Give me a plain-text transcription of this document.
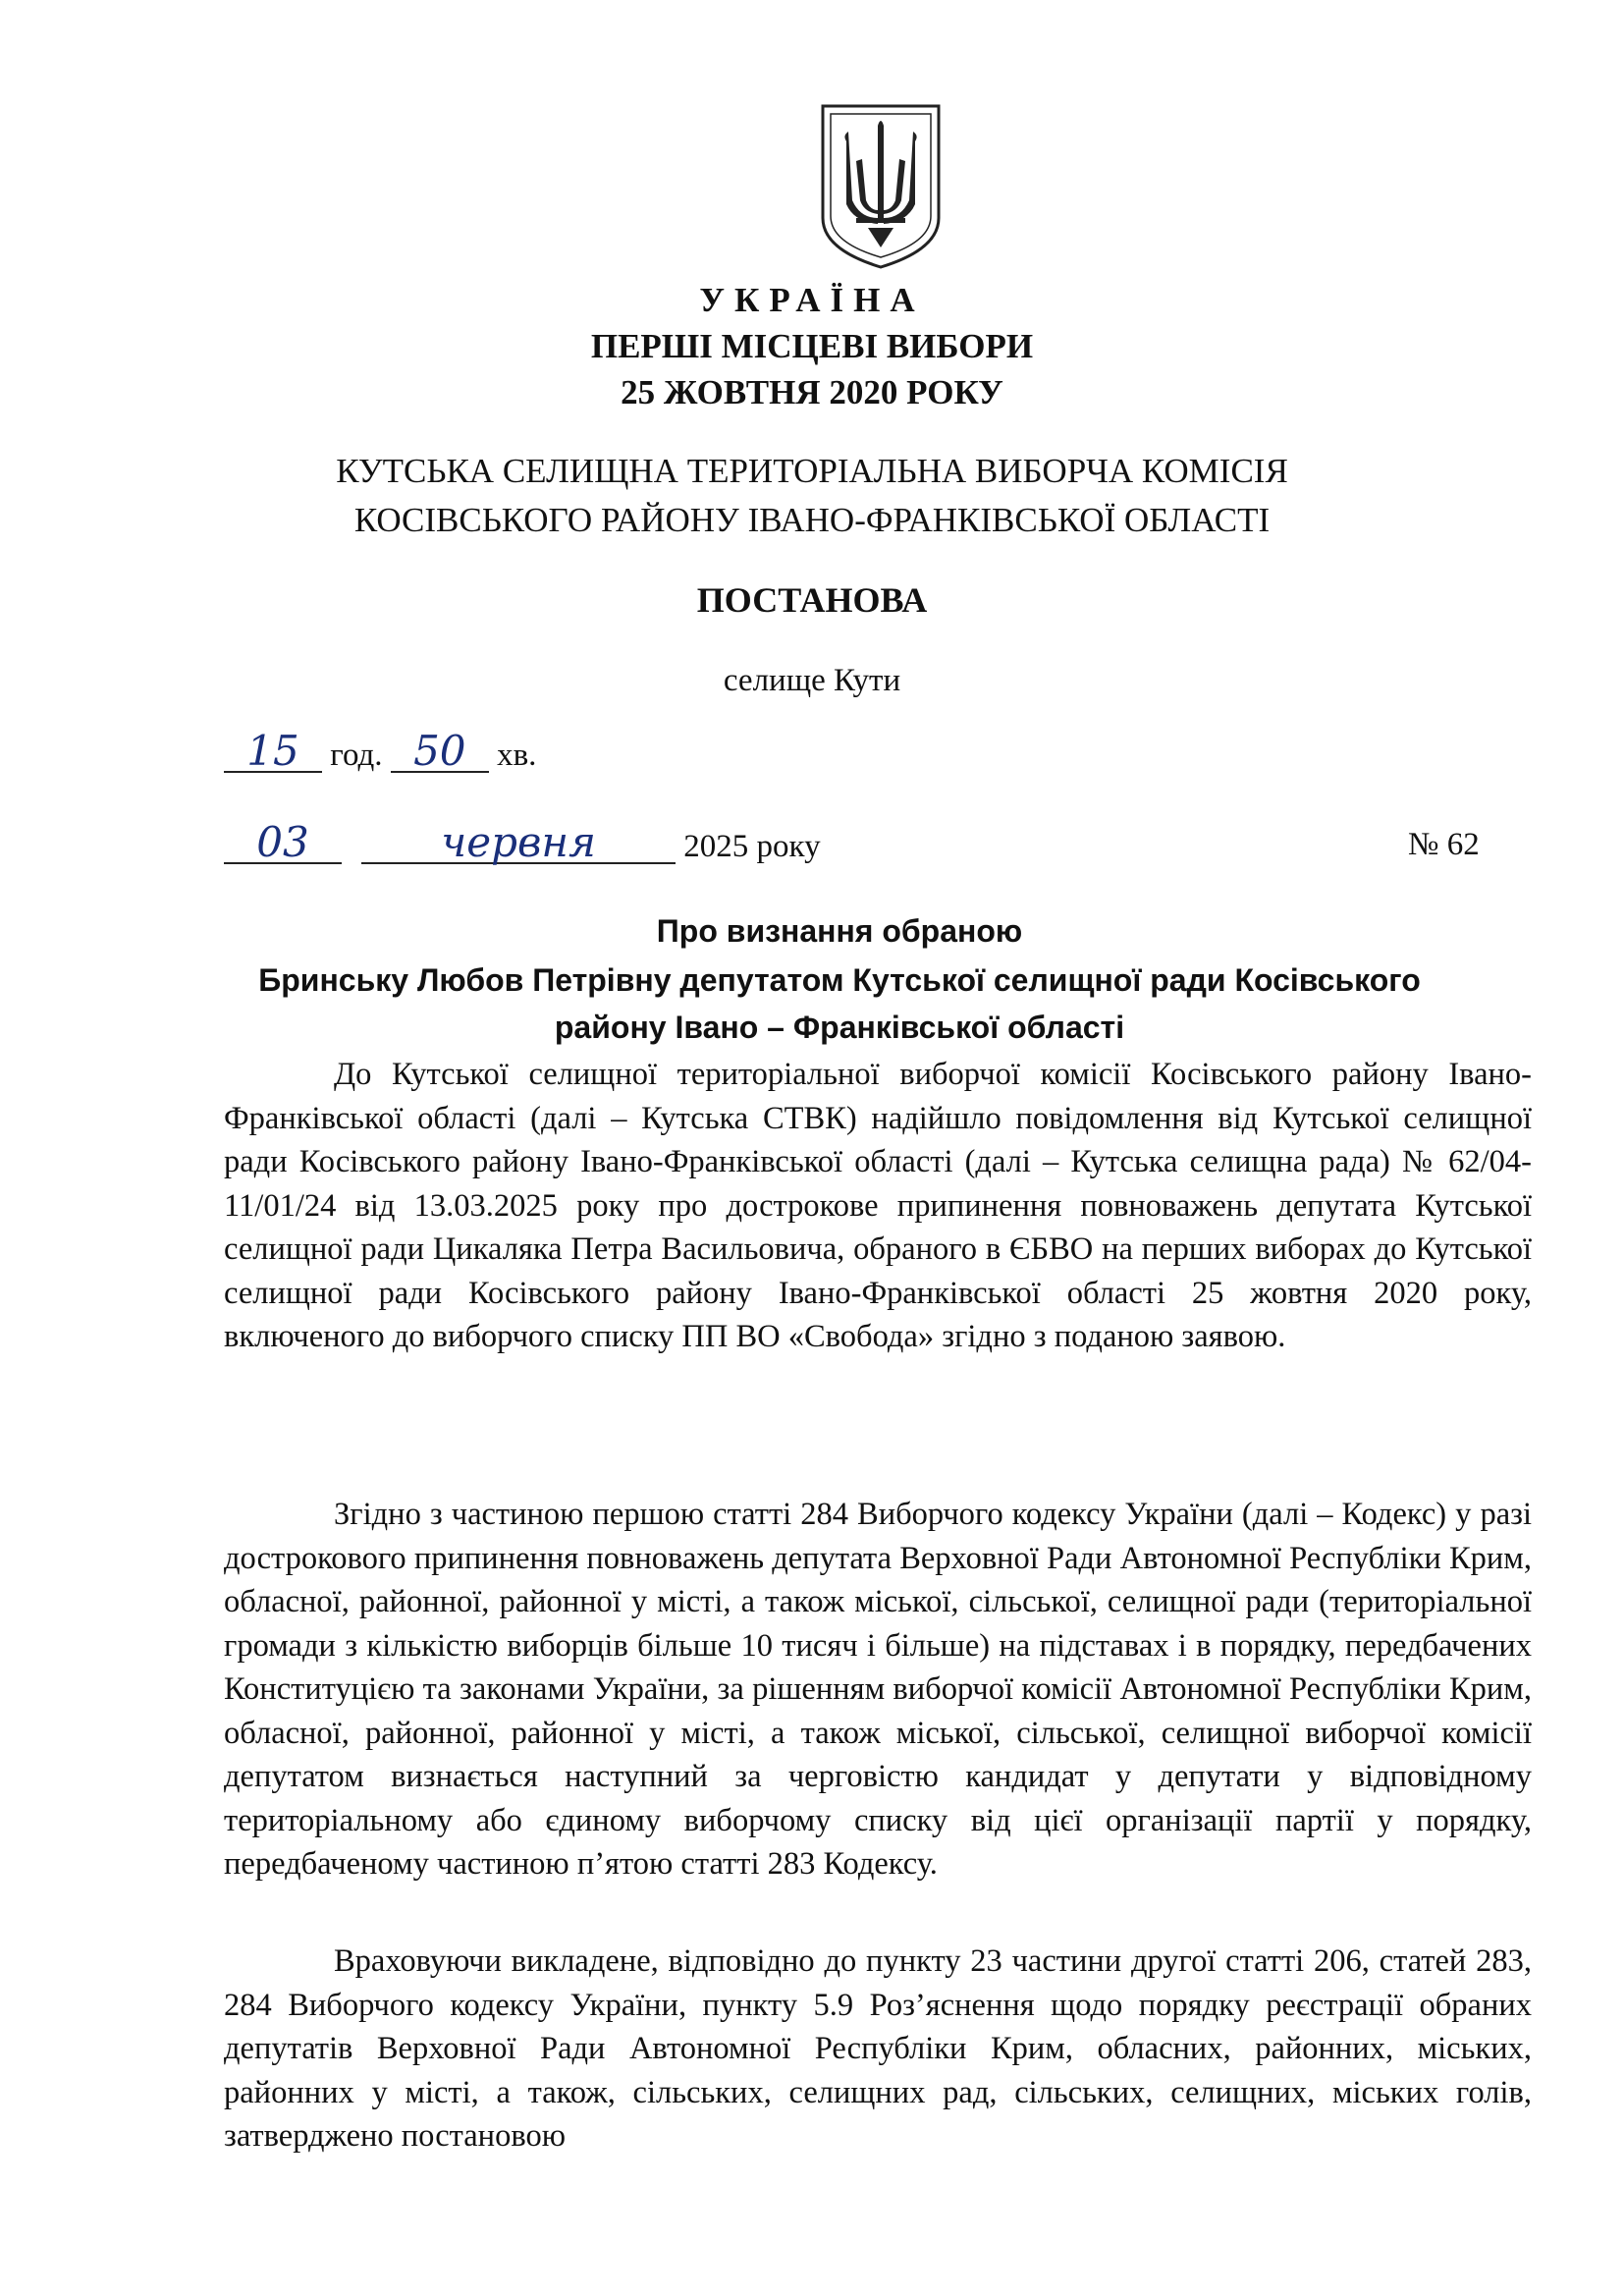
УКРАЇНА
ПЕРШІ МІСЦЕВІ ВИБОРИ
25 ЖОВТНЯ 2020 РОКУ
КУТСЬКА СЕЛИЩНА ТЕРИТОРІАЛЬНА ВИБОРЧА КОМІСІЯ
КОСІВСЬКОГО РАЙОНУ ІВАНО-ФРАНКІВСЬКОЇ ОБЛАСТІ
ПОСТАНОВА
селище Кути
15 год. 50 хв.
03	червня	2025 року	№ 62
Про визнання обраною
Бринську Любов Петрівну депутатом Кутської селищної ради Косівського
району Івано – Франківської області

До Кутської селищної територіальної виборчої комісії Косівського району Івано-Франківської області (далі – Кутська СТВК) надійшло повідомлення від Кутської селищної ради Косівського району Івано-Франківської області (далі – Кутська селищна рада) № 62/04-11/01/24 від 13.03.2025 року про дострокове припинення повноважень депутата Кутської селищної ради Цикаляка Петра Васильовича, обраного в ЄБВО на перших виборах до Кутської селищної ради Косівського району Івано-Франківської області 25 жовтня 2020 року, включеного до виборчого списку ПП ВО «Свобода» згідно з поданою заявою.

Згідно з частиною першою статті 284 Виборчого кодексу України (далі – Кодекс) у разі дострокового припинення повноважень депутата Верховної Ради Автономної Республіки Крим, обласної, районної, районної у місті, а також міської, сільської, селищної ради (територіальної громади з кількістю виборців більше 10 тисяч і більше) на підставах і в порядку, передбачених Конституцією та законами України, за рішенням виборчої комісії Автономної Республіки Крим, обласної, районної, районної у місті, а також міської, сільської, селищної виборчої комісії депутатом визнається наступний за черговістю кандидат у депутати у відповідному територіальному або єдиному виборчому списку від цієї організації партії у порядку, передбаченому частиною п’ятою статті 283 Кодексу.

Враховуючи викладене, відповідно до пункту 23 частини другої статті 206, статей 283, 284 Виборчого кодексу України, пункту 5.9 Роз’яснення щодо порядку реєстрації обраних депутатів Верховної Ради Автономної Республіки Крим, обласних, районних, міських, районних у місті, а також, сільських, селищних рад, сільських, селищних, міських голів, затверджено постановою
